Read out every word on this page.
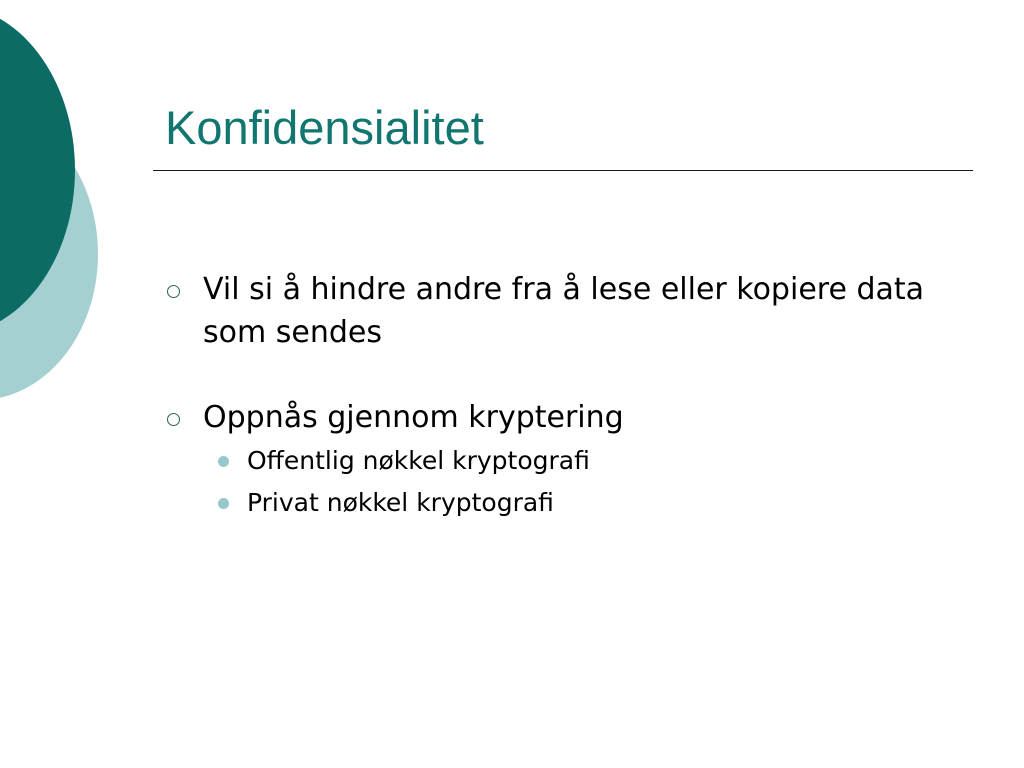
Konfidensialitet
Vil si å hindre andre fra å lese eller kopiere data som sendes
Oppnås gjennom kryptering
Offentlig nøkkel kryptografi
Privat nøkkel kryptografi
